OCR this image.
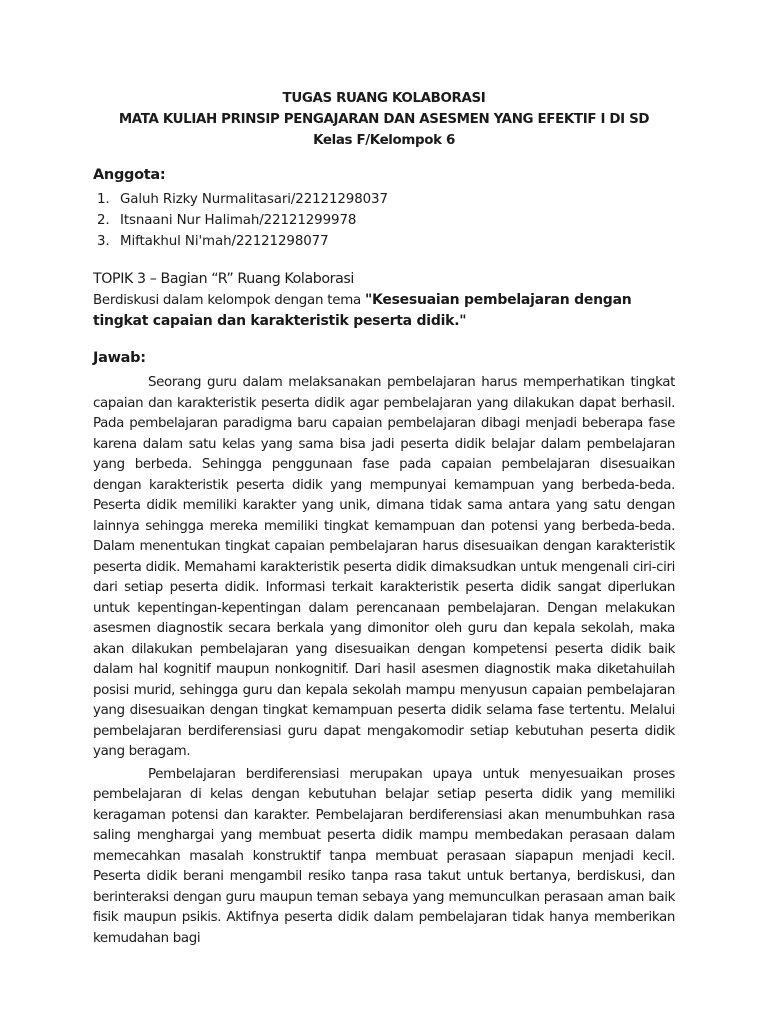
TUGAS RUANG KOLABORASI
MATA KULIAH PRINSIP PENGAJARAN DAN ASESMEN YANG EFEKTIF I DI SD
Kelas F/Kelompok 6
Anggota:
1. Galuh Rizky Nurmalitasari/22121298037
2. Itsnaani Nur Halimah/22121299978
3. Miftakhul Ni'mah/22121298077
TOPIK 3 – Bagian “R” Ruang Kolaborasi
Berdiskusi dalam kelompok dengan tema "Kesesuaian pembelajaran dengan tingkat capaian dan karakteristik peserta didik."
Jawab:

Seorang guru dalam melaksanakan pembelajaran harus memperhatikan tingkat capaian dan karakteristik peserta didik agar pembelajaran yang dilakukan dapat berhasil. Pada pembelajaran paradigma baru capaian pembelajaran dibagi menjadi beberapa fase karena dalam satu kelas yang sama bisa jadi peserta didik belajar dalam pembelajaran yang berbeda. Sehingga penggunaan fase pada capaian pembelajaran disesuaikan dengan karakteristik peserta didik yang mempunyai kemampuan yang berbeda-beda. Peserta didik memiliki karakter yang unik, dimana tidak sama antara yang satu dengan lainnya sehingga mereka memiliki tingkat kemampuan dan potensi yang berbeda-beda. Dalam menentukan tingkat capaian pembelajaran harus disesuaikan dengan karakteristik peserta didik. Memahami karakteristik peserta didik dimaksudkan untuk mengenali ciri-ciri dari setiap peserta didik. Informasi terkait karakteristik peserta didik sangat diperlukan untuk kepentingan-kepentingan dalam perencanaan pembelajaran. Dengan melakukan asesmen diagnostik secara berkala yang dimonitor oleh guru dan kepala sekolah, maka akan dilakukan pembelajaran yang disesuaikan dengan kompetensi peserta didik baik dalam hal kognitif maupun nonkognitif. Dari hasil asesmen diagnostik maka diketahuilah posisi murid, sehingga guru dan kepala sekolah mampu menyusun capaian pembelajaran yang disesuaikan dengan tingkat kemampuan peserta didik selama fase tertentu. Melalui pembelajaran berdiferensiasi guru dapat mengakomodir setiap kebutuhan peserta didik yang beragam.

Pembelajaran berdiferensiasi merupakan upaya untuk menyesuaikan proses pembelajaran di kelas dengan kebutuhan belajar setiap peserta didik yang memiliki keragaman potensi dan karakter. Pembelajaran berdiferensiasi akan menumbuhkan rasa saling menghargai yang membuat peserta didik mampu membedakan perasaan dalam memecahkan masalah konstruktif tanpa membuat perasaan siapapun menjadi kecil. Peserta didik berani mengambil resiko tanpa rasa takut untuk bertanya, berdiskusi, dan berinteraksi dengan guru maupun teman sebaya yang memunculkan perasaan aman baik fisik maupun psikis. Aktifnya peserta didik dalam pembelajaran tidak hanya memberikan kemudahan bagi
